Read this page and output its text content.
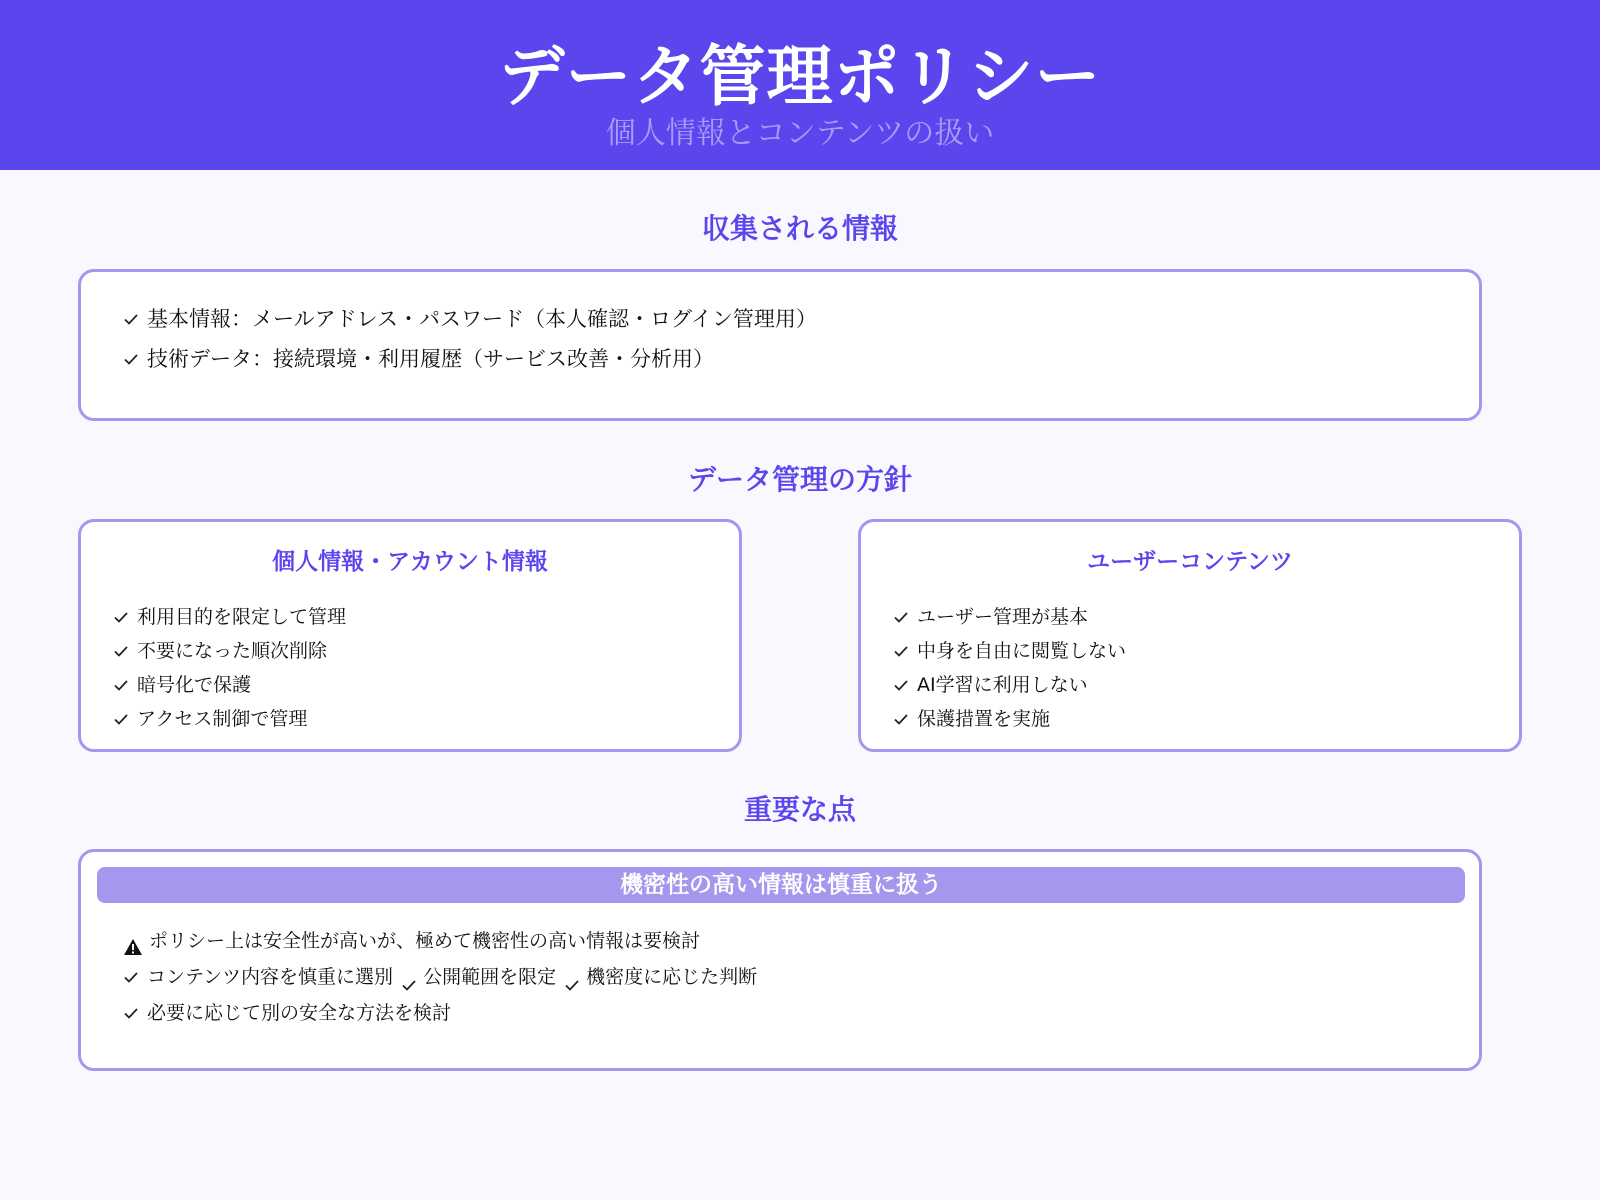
データ管理ポリシー
個人情報とコンテンツの扱い
収集される情報
基本情報：メールアドレス・パスワード（本人確認・ログイン管理用）
技術データ：接続環境・利用履歴（サービス改善・分析用）
データ管理の方針
個人情報・アカウント情報
利用目的を限定して管理
不要になった順次削除
暗号化で保護
アクセス制御で管理
ユーザーコンテンツ
ユーザー管理が基本
中身を自由に閲覧しない
AI学習に利用しない
保護措置を実施
重要な点
機密性の高い情報は慎重に扱う
ポリシー上は安全性が高いが、極めて機密性の高い情報は要検討
コンテンツ内容を慎重に選別 公開範囲を限定 機密度に応じた判断
必要に応じて別の安全な方法を検討
